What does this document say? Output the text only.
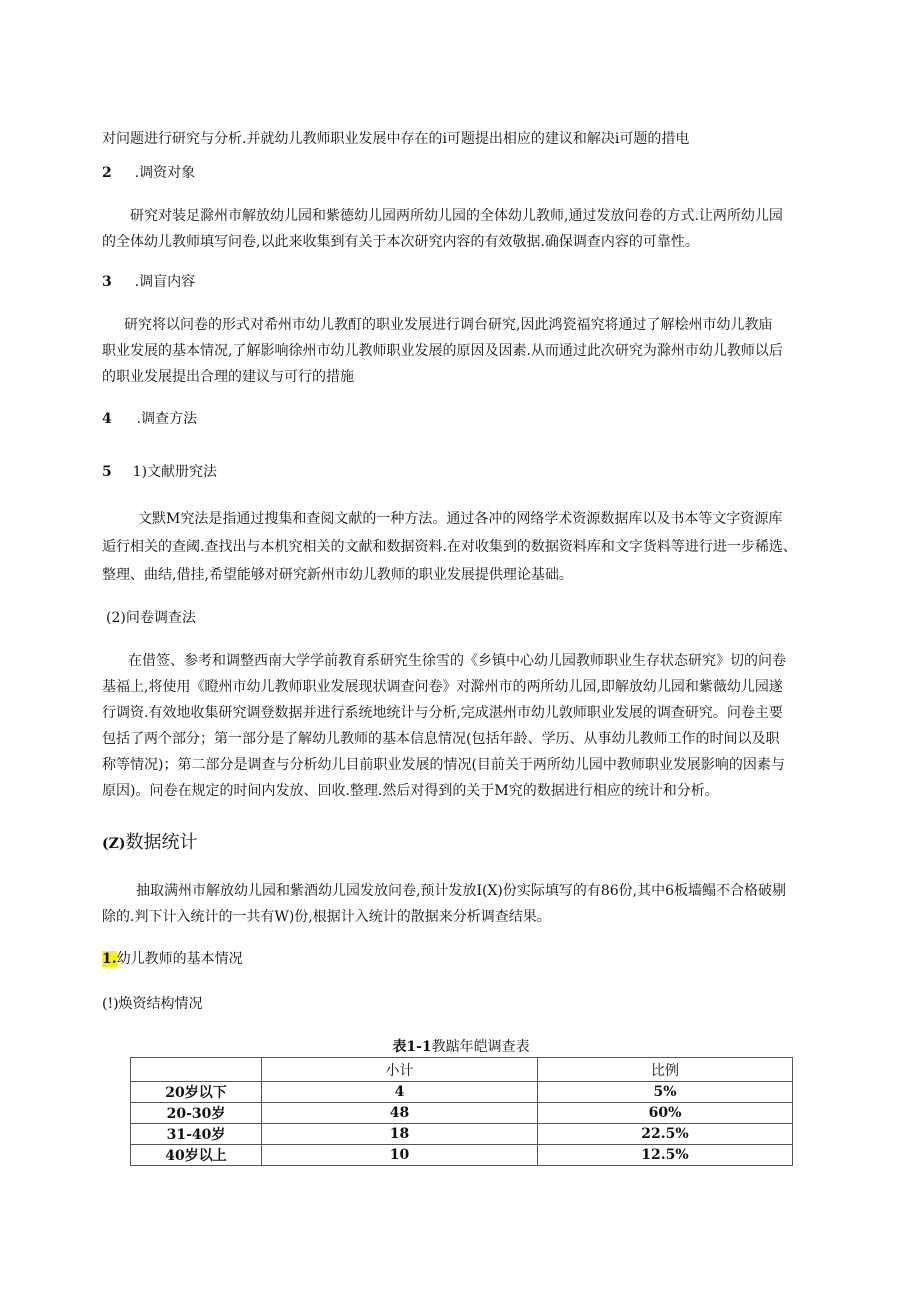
对问题进行研究与分析.并就幼儿教师职业发展中存在的i可题提出相应的建议和解决i可题的措电
2 .调资对象
研究对装足滁州市解放幼儿园和紫德幼儿园两所幼儿园的全体幼儿教师,通过发放问卷的方式.让两所幼儿园
的全体幼儿教师填写问卷,以此来收集到有关于本次研究内容的有效敬据.确保调查内容的可靠性。
3 .调盲内容
研究将以问卷的形式对希州市幼儿教酊的职业发展进行调台研究,因此鸿瓷福究将通过了解桧州市幼儿教庙
职业发展的基本情况,了解影响徐州市幼儿教师职业发展的原因及因素.从而通过此次研究为滁州市幼儿教师以后
的职业发展提出合理的建议与可行的措施
4 .调查方法
5 1)文献册究法
文默M究法是指通过搜集和查阅文献的一种方法。通过各冲的网络学术资源数据库以及书本等文字资源库
逅行相关的查阈.查找出与本机究相关的文献和数据资料.在对收集到的数据资料库和文字货料等进行进一步稀选、
整理、曲结,借挂,希望能够对研究新州市幼儿教师的职业发展提供理论基础。
(2)问卷调查法
在借签、参考和调整西南大学学前教育系研究生徐雪的《乡镇中心幼儿园教师职业生存状态研究》切的问卷
基福上,将使用《瞪州市幼儿教师职业发展现状调查问卷》对滁州市的两所幼儿园,即解放幼儿园和紫薇幼儿园遂
行调资.有效地收集研究调登数据并进行系统地统计与分析,完成湛州市幼儿敦师职业发展的调查研究。问卷主要
包括了两个部分；第一部分是了解幼儿教师的基本信息情况(包括年龄、学历、从事幼儿教师工作的时间以及职
称等情况)；第二部分是调查与分析幼儿目前职业发展的情况(目前关于两所幼儿园中教师职业发展影响的因素与
原因)。问卷在规定的时间内发放、回收.整理.然后对得到的关于M究的数据进行相应的统计和分析。
(Z)数据统计
抽取满州市解放幼儿园和紫酒幼儿园发放问卷,预计发放I(X)份实际填写的有86份,其中6板墙鳎不合格破剔
除的.判下计入统计的一共有W)份,根据计入统计的散据来分析调查结果。
1.幼儿教师的基本情况
(!)焕资结构情况
表1-1教踮年皑调查表
	小计	比例
20岁以下	4	5%
20-30岁	48	60%
31-40岁	18	22.5%
40岁以上	10	12.5%
